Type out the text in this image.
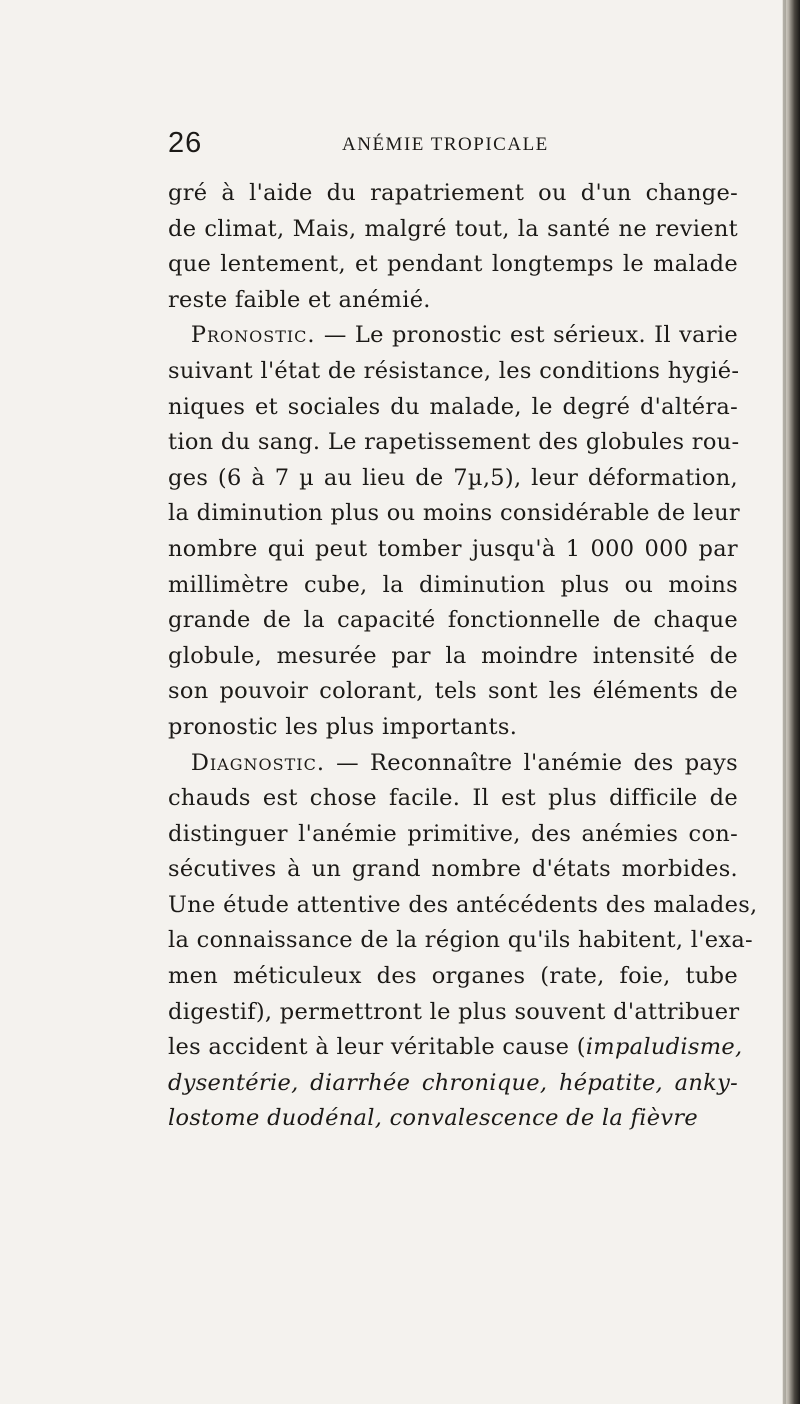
26	ANÉMIE TROPICALE
gré à l'aide du rapatriement ou d'un change-
de climat, Mais, malgré tout, la santé ne revient
que lentement, et pendant longtemps le malade
reste faible et anémié.
 Pronostic. — Le pronostic est sérieux. Il varie
suivant l'état de résistance, les conditions hygié-
niques et sociales du malade, le degré d'altéra-
tion du sang. Le rapetissement des globules rou-
ges (6 à 7 µ au lieu de 7µ,5), leur déformation,
la diminution plus ou moins considérable de leur
nombre qui peut tomber jusqu'à 1 000 000 par
millimètre cube, la diminution plus ou moins
grande de la capacité fonctionnelle de chaque
globule, mesurée par la moindre intensité de
son pouvoir colorant, tels sont les éléments de
pronostic les plus importants.
 Diagnostic. — Reconnaître l'anémie des pays
chauds est chose facile. Il est plus difficile de
distinguer l'anémie primitive, des anémies con-
sécutives à un grand nombre d'états morbides.
Une étude attentive des antécédents des malades,
la connaissance de la région qu'ils habitent, l'exa-
men méticuleux des organes (rate, foie, tube
digestif), permettront le plus souvent d'attribuer
les accident à leur véritable cause (impaludisme,
dysentérie, diarrhée chronique, hépatite, anky-
lostome duodénal, convalescence de la fièvre
